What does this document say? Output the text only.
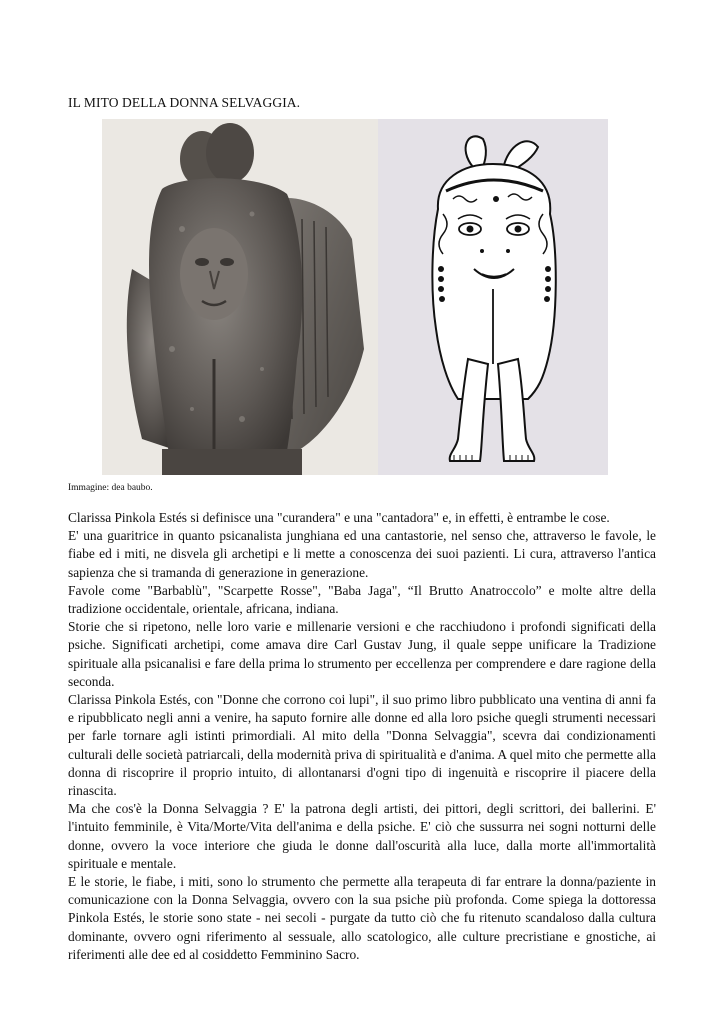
IL MITO DELLA DONNA SELVAGGIA.
Immagine: dea baubo.

Clarissa Pinkola Estés si definisce una "curandera" e una "cantadora" e, in effetti, è entrambe le cose.

E' una guaritrice in quanto psicanalista junghiana ed una cantastorie, nel senso che, attraverso le favole, le fiabe ed i miti, ne disvela gli archetipi e li mette a conoscenza dei suoi pazienti. Li cura, attraverso l'antica sapienza che si tramanda di generazione in generazione.

Favole come "Barbablù", "Scarpette Rosse", "Baba Jaga", “Il Brutto Anatroccolo” e molte altre della tradizione occidentale, orientale, africana, indiana.

Storie che si ripetono, nelle loro varie e millenarie versioni e che racchiudono i profondi significati della psiche. Significati archetipi, come amava dire Carl Gustav Jung, il quale seppe unificare la Tradizione spirituale alla psicanalisi e fare della prima lo strumento per eccellenza per comprendere e dare ragione della seconda.

Clarissa Pinkola Estés, con "Donne che corrono coi lupi", il suo primo libro pubblicato una ventina di anni fa e ripubblicato negli anni a venire, ha saputo fornire alle donne ed alla loro psiche quegli strumenti necessari per farle tornare agli istinti primordiali. Al mito della "Donna Selvaggia", scevra dai condizionamenti culturali delle società patriarcali, della modernità priva di spiritualità e d'anima. A quel mito che permette alla donna di riscoprire il proprio intuito, di allontanarsi d'ogni tipo di ingenuità e riscoprire il piacere della rinascita.

Ma che cos'è la Donna Selvaggia ? E' la patrona degli artisti, dei pittori, degli scrittori, dei ballerini. E' l'intuito femminile, è Vita/Morte/Vita dell'anima e della psiche. E' ciò che sussurra nei sogni notturni delle donne, ovvero la voce interiore che giuda le donne dall'oscurità alla luce, dalla morte all'immortalità spirituale e mentale.

E le storie, le fiabe, i miti, sono lo strumento che permette alla terapeuta di far entrare la donna/paziente in comunicazione con la Donna Selvaggia, ovvero con la sua psiche più profonda. Come spiega la dottoressa Pinkola Estés, le storie sono state - nei secoli - purgate da tutto ciò che fu ritenuto scandaloso dalla cultura dominante, ovvero ogni riferimento al sessuale, allo scatologico, alle culture precristiane e gnostiche, ai riferimenti alle dee ed al cosiddetto Femminino Sacro.
